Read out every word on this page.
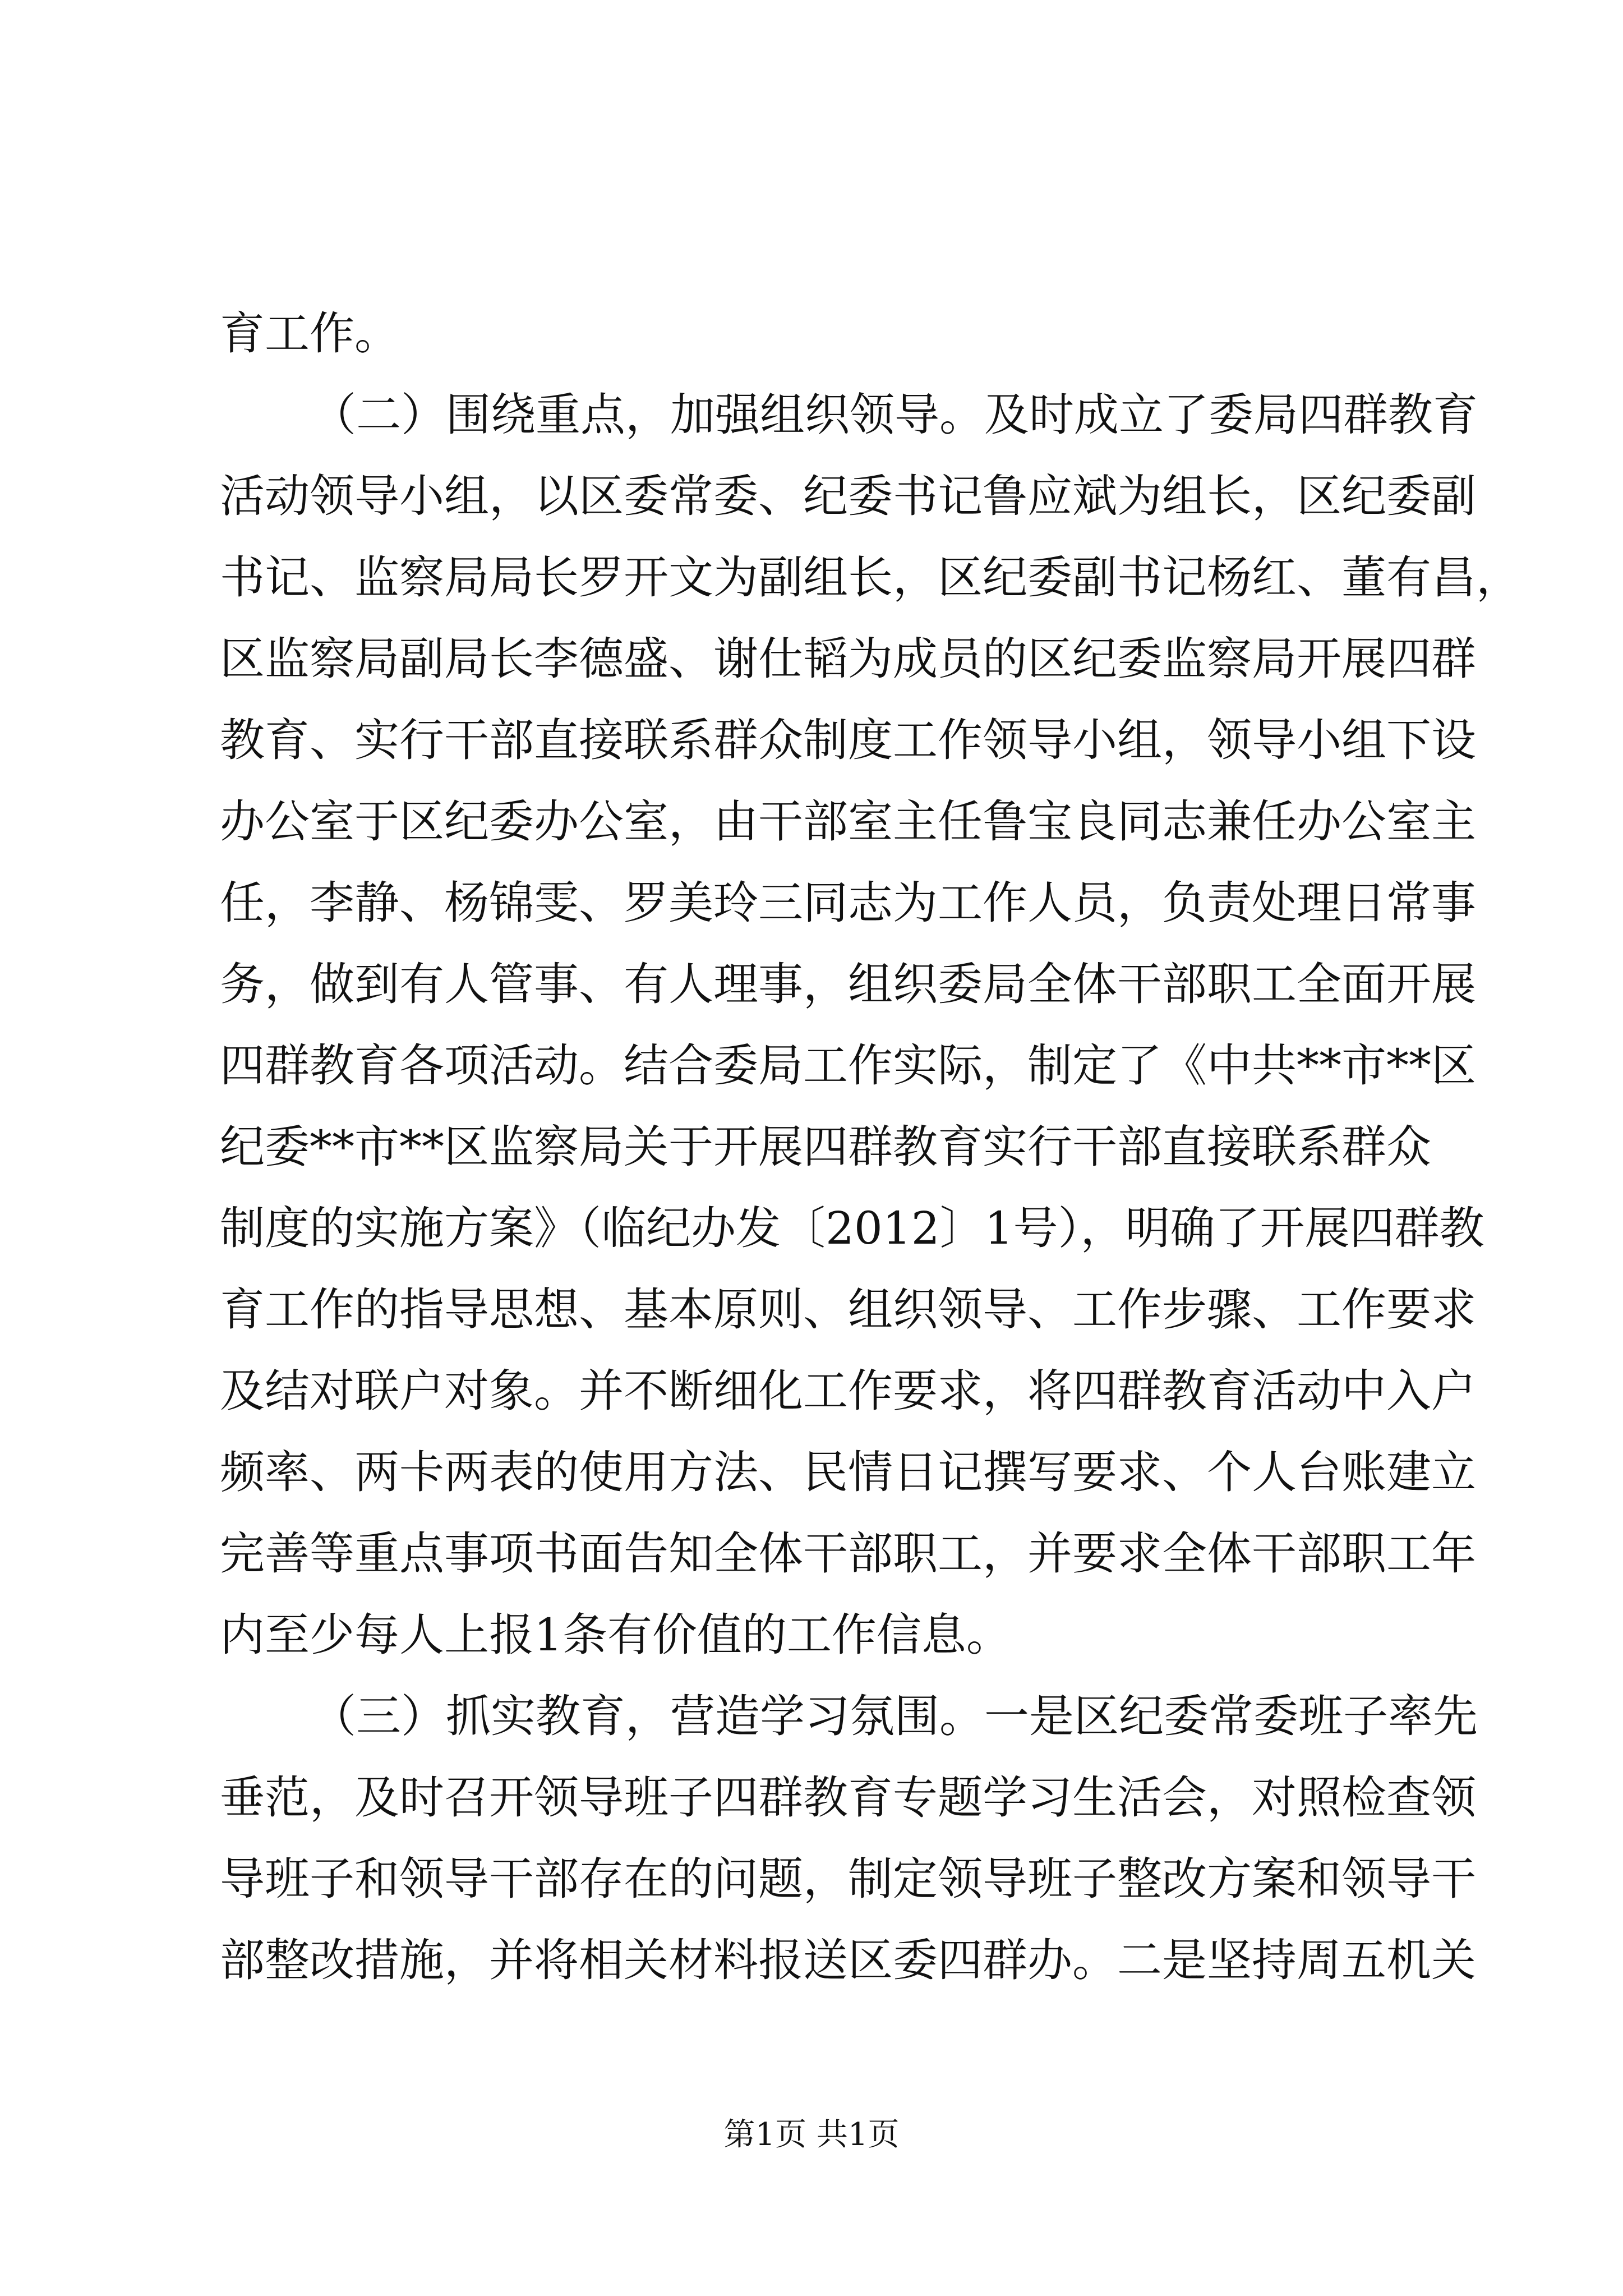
育工作。
（二）围绕重点，加强组织领导。及时成立了委局四群教育
活动领导小组，以区委常委、纪委书记鲁应斌为组长，区纪委副
书记、监察局局长罗开文为副组长，区纪委副书记杨红、董有昌，
区监察局副局长李德盛、谢仕韬为成员的区纪委监察局开展四群
教育、实行干部直接联系群众制度工作领导小组，领导小组下设
办公室于区纪委办公室，由干部室主任鲁宝良同志兼任办公室主
任，李静、杨锦雯、罗美玲三同志为工作人员，负责处理日常事
务，做到有人管事、有人理事，组织委局全体干部职工全面开展
四群教育各项活动。结合委局工作实际，制定了《中共**市**区
纪委**市**区监察局关于开展四群教育实行干部直接联系群众
制度的实施方案》（临纪办发〔2012〕1号），明确了开展四群教
育工作的指导思想、基本原则、组织领导、工作步骤、工作要求
及结对联户对象。并不断细化工作要求，将四群教育活动中入户
频率、两卡两表的使用方法、民情日记撰写要求、个人台账建立
完善等重点事项书面告知全体干部职工，并要求全体干部职工年
内至少每人上报1条有价值的工作信息。
（三）抓实教育，营造学习氛围。一是区纪委常委班子率先
垂范，及时召开领导班子四群教育专题学习生活会，对照检查领
导班子和领导干部存在的问题，制定领导班子整改方案和领导干
部整改措施，并将相关材料报送区委四群办。二是坚持周五机关
第1页 共1页
